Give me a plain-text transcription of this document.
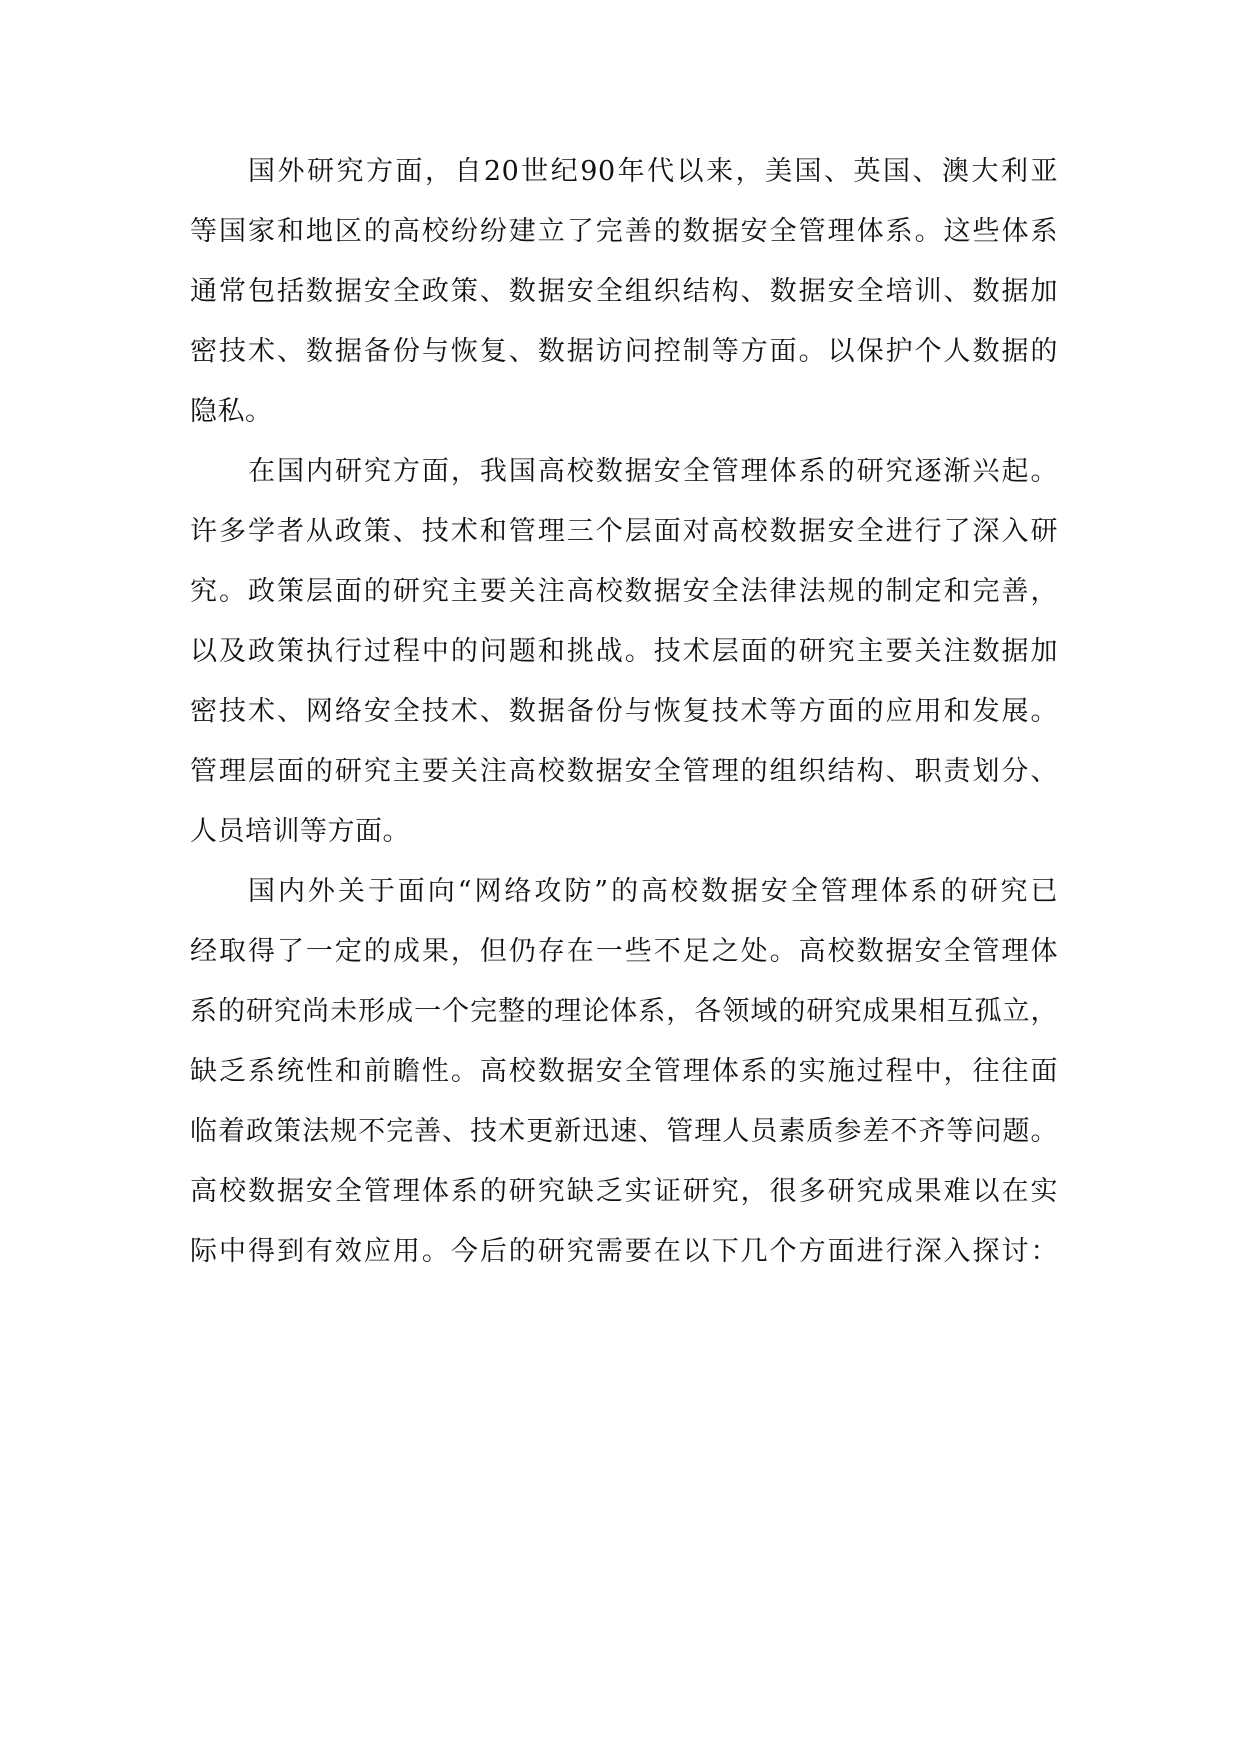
国外研究方面，自20世纪90年代以来，美国、英国、澳大利亚
等国家和地区的高校纷纷建立了完善的数据安全管理体系。这些体系
通常包括数据安全政策、数据安全组织结构、数据安全培训、数据加
密技术、数据备份与恢复、数据访问控制等方面。以保护个人数据的
隐私。
在国内研究方面，我国高校数据安全管理体系的研究逐渐兴起。
许多学者从政策、技术和管理三个层面对高校数据安全进行了深入研
究。政策层面的研究主要关注高校数据安全法律法规的制定和完善，
以及政策执行过程中的问题和挑战。技术层面的研究主要关注数据加
密技术、网络安全技术、数据备份与恢复技术等方面的应用和发展。
管理层面的研究主要关注高校数据安全管理的组织结构、职责划分、
人员培训等方面。
国内外关于面向“网络攻防”的高校数据安全管理体系的研究已
经取得了一定的成果，但仍存在一些不足之处。高校数据安全管理体
系的研究尚未形成一个完整的理论体系，各领域的研究成果相互孤立，
缺乏系统性和前瞻性。高校数据安全管理体系的实施过程中，往往面
临着政策法规不完善、技术更新迅速、管理人员素质参差不齐等问题。
高校数据安全管理体系的研究缺乏实证研究，很多研究成果难以在实
际中得到有效应用。今后的研究需要在以下几个方面进行深入探讨：
